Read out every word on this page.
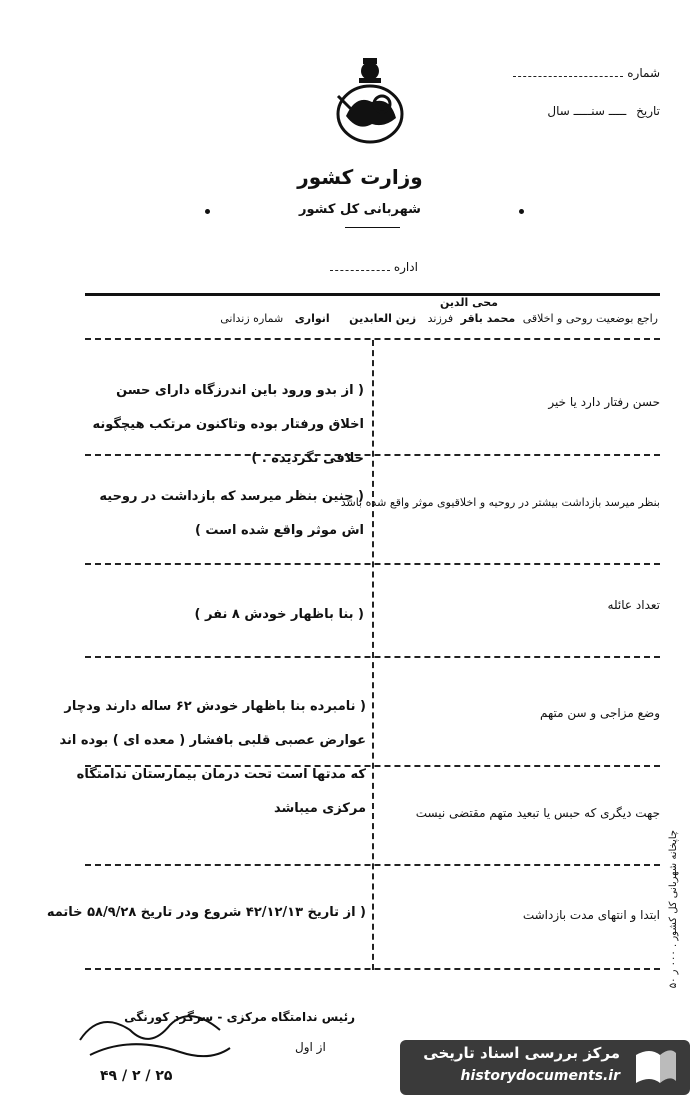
شماره
تاریخ ـــــ سنـــــ سال
وزارت کشور
شهربانی کل کشور
اداره
راجع بوضعیت روحی و اخلاقی محمد باقر فرزند زین العابدین انواری شماره زندانی
محی الدین
حسن رفتار دارد یا خیر
( از بدو ورود باین اندرزگاه دارای حسن اخلاق ورفتار بوده وتاکنون مرتکب هیچگونه خلافی نگردیده . )
بنظر میرسد بازداشت بیشتر در روحیه و اخلاقیوی موثر واقع شده باشد
( چنین بنظر میرسد که بازداشت در روحیه اش موثر واقع شده است )
تعداد عائله
( بنا باظهار خودش ۸ نفر )
وضع مزاجی و سن متهم
( نامبرده بنا باظهار خودش ۶۲ ساله دارند ودچار عوارض عصبی قلبی بافشار ( معده ای ) بوده اند که مدتها است تحت درمان بیمارستان ندامتگاه مرکزی میباشد	جهت دیگری که حبس یا تبعید متهم مقتضی نیست
ابتدا و انتهای مدت بازداشت
( از تاریخ ۴۲/۱۲/۱۳ شروع ودر تاریخ ۵۸/۹/۲۸ خاتمه
چاپخانه شهربانی کل کشور . ۰۰۰ ر ۵۰
رئیس ندامتگاه مرکزی - سرگرد کورنگی
از اول
۲۵ / ۲ / ۴۹
مرکز بررسی اسناد تاریخی
historydocuments.ir
